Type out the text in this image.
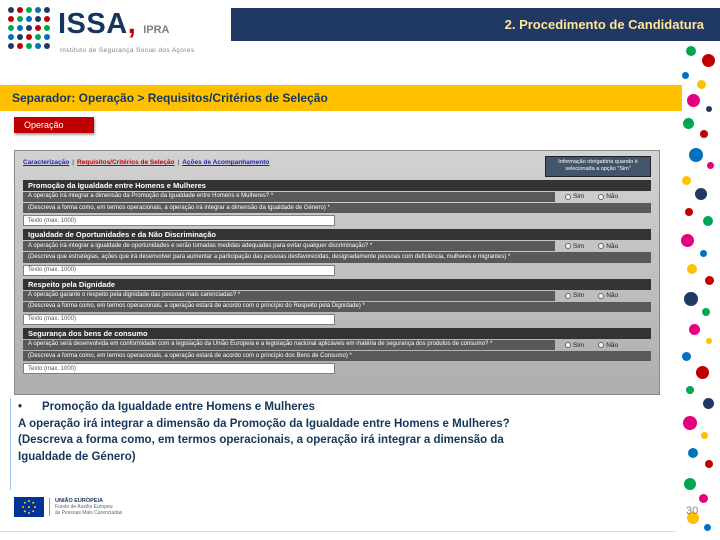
ISSA, IPRA
Instituto de Segurança Social dos Açores
2. Procedimento de Candidatura
Separador: Operação > Requisitos/Critérios de Seleção
Operação
Caracterização | Requisitos/Critérios de Seleção | Ações de Acompanhamento	Informação obrigatória quando é selecionada a opção "Sim"
Promoção da Igualdade entre Homens e Mulheres
A operação irá integrar a dimensão da Promoção da Igualdade entre Homens e Mulheres? *	Sim	Não
(Descreva a forma como, em termos operacionais, a operação irá integrar a dimensão da Igualdade de Género) *
Texto (max. 1000)
Igualdade de Oportunidades e da Não Discriminação
A operação irá integrar a igualdade de oportunidades e serão tomadas medidas adequadas para evitar qualquer discriminação? *	Sim	Não
(Descreva que estratégias, ações que irá desenvolver para aumentar a participação das pessoas desfavorecidas, designadamente pessoas com deficiência, mulheres e migrantes) *
Texto (max. 1000)
Respeito pela Dignidade
A operação garante o respeito pela dignidade das pessoas mais carenciadas? *	Sim	Não
(Descreva a forma como, em termos operacionais, a operação estará de acordo com o princípio do Respeito pela Dignidade) *
Texto (max. 1000)
Segurança dos bens de consumo
A operação será desenvolvida em conformidade com a legislação da União Europeia e a legislação nacional aplicáveis em matéria de segurança dos produtos de consumo? *	Sim	Não
(Descreva a forma como, em termos operacionais, a operação estará de acordo com o princípio dos Bens de Consumo) *
Texto (max. 1000)
•	Promoção da Igualdade entre Homens e Mulheres
A operação irá integrar a dimensão da Promoção da Igualdade entre Homens e Mulheres?
(Descreva a forma como, em termos operacionais, a operação irá integrar a dimensão da
Igualdade de Género)
UNIÃO EUROPEIA
Fundo de Auxílio Europeu
às Pessoas Mais Carenciadas	30
